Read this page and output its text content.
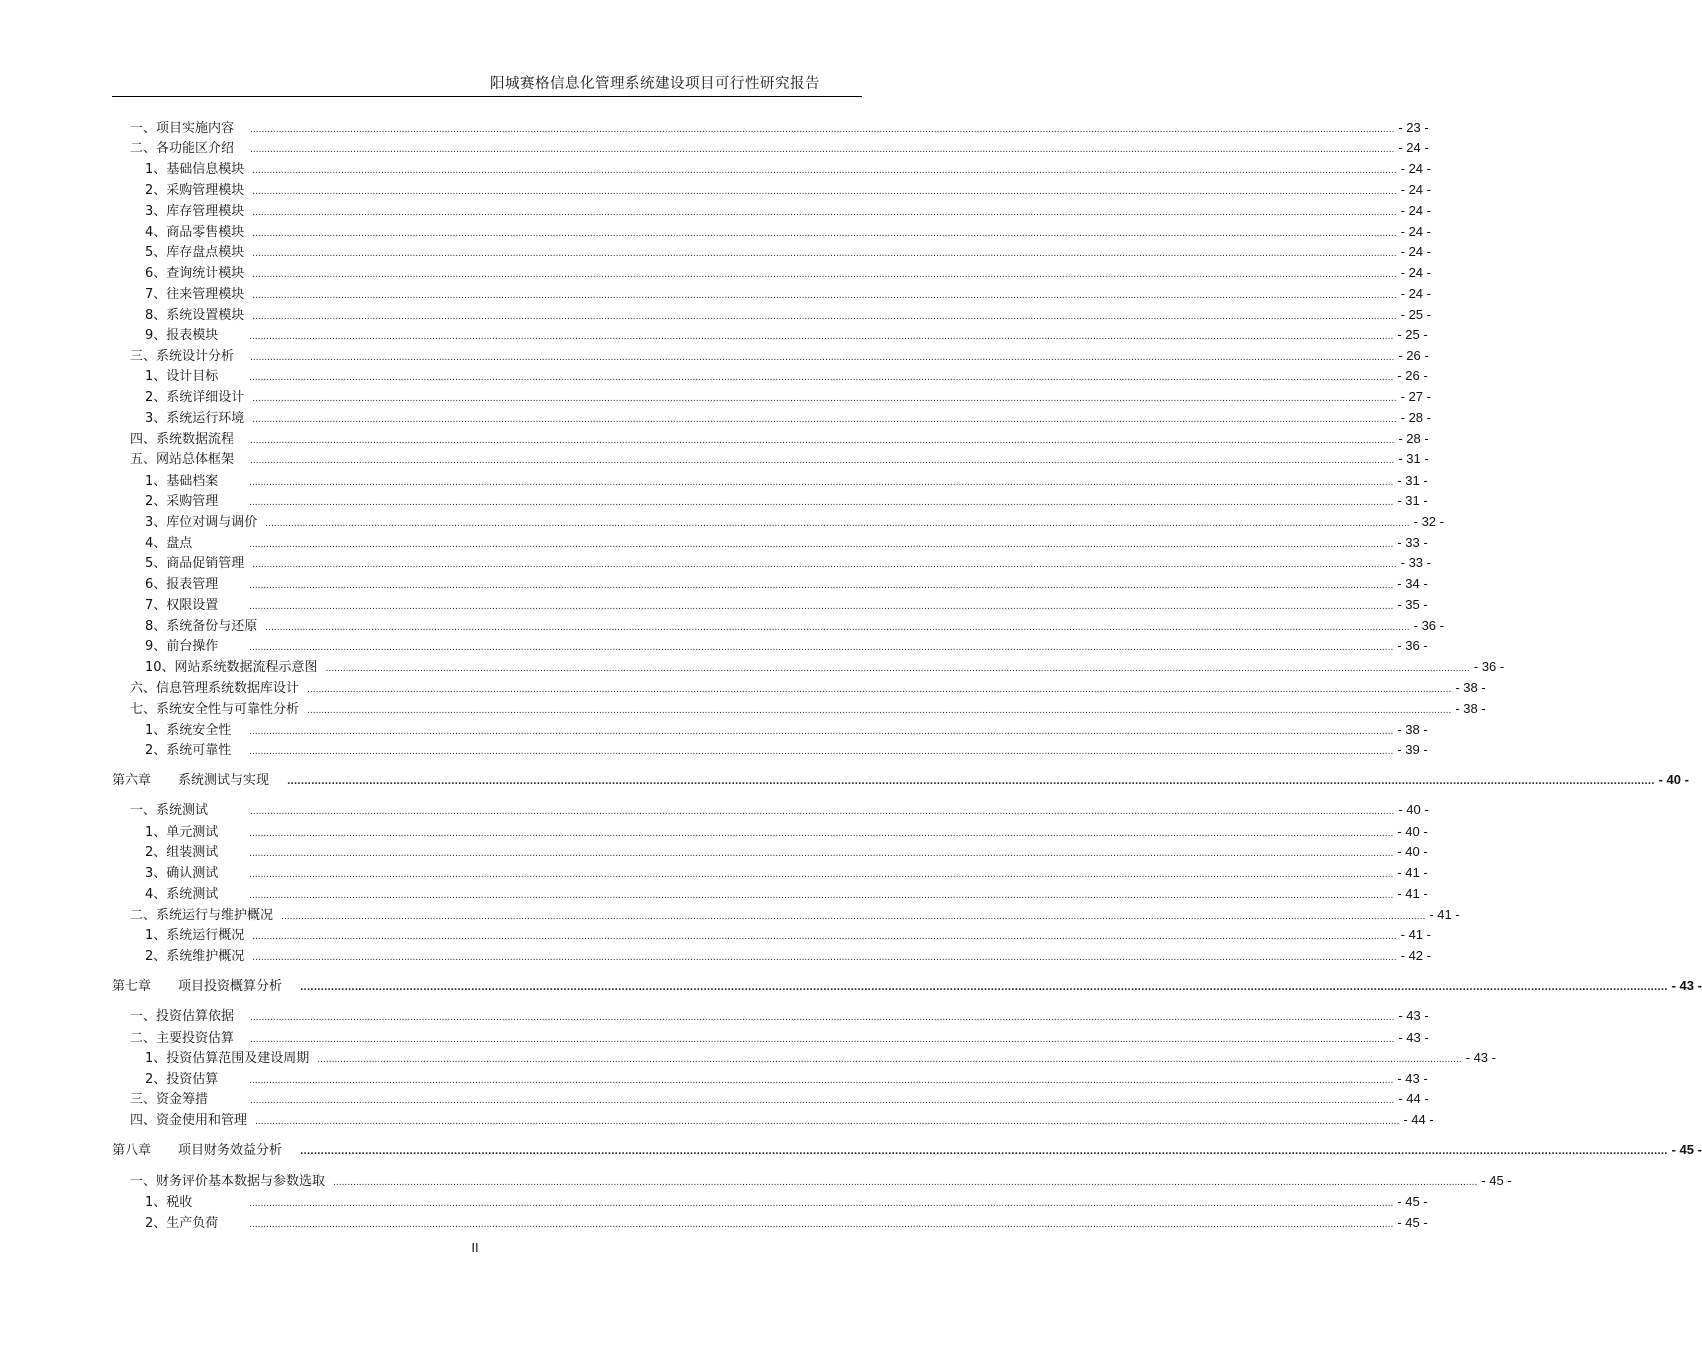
阳城赛格信息化管理系统建设项目可行性研究报告
一、项目实施内容	................................................................................................................................................................................................................................................................................................................................................................................................................ - 23 -
二、各功能区介绍	................................................................................................................................................................................................................................................................................................................................................................................................................ - 24 -
1、基础信息模块 ................................................................................................................................................................................................................................................................................................................................................................................................................ - 24 -
2、采购管理模块 ................................................................................................................................................................................................................................................................................................................................................................................................................ - 24 -
3、库存管理模块 ................................................................................................................................................................................................................................................................................................................................................................................................................ - 24 -
4、商品零售模块 ................................................................................................................................................................................................................................................................................................................................................................................................................ - 24 -
5、库存盘点模块 ................................................................................................................................................................................................................................................................................................................................................................................................................ - 24 -
6、查询统计模块 ................................................................................................................................................................................................................................................................................................................................................................................................................ - 24 -
7、往来管理模块 ................................................................................................................................................................................................................................................................................................................................................................................................................ - 24 -
8、系统设置模块 ................................................................................................................................................................................................................................................................................................................................................................................................................ - 25 -
9、报表模块	................................................................................................................................................................................................................................................................................................................................................................................................................ - 25 -
三、系统设计分析	................................................................................................................................................................................................................................................................................................................................................................................................................ - 26 -
1、设计目标	................................................................................................................................................................................................................................................................................................................................................................................................................ - 26 -
2、系统详细设计 ................................................................................................................................................................................................................................................................................................................................................................................................................ - 27 -
3、系统运行环境 ................................................................................................................................................................................................................................................................................................................................................................................................................ - 28 -
四、系统数据流程	................................................................................................................................................................................................................................................................................................................................................................................................................ - 28 -
五、网站总体框架	................................................................................................................................................................................................................................................................................................................................................................................................................ - 31 -
1、基础档案	................................................................................................................................................................................................................................................................................................................................................................................................................ - 31 -
2、采购管理	................................................................................................................................................................................................................................................................................................................................................................................................................ - 31 -
3、库位对调与调价 ................................................................................................................................................................................................................................................................................................................................................................................................................ - 32 -
4、盘点	................................................................................................................................................................................................................................................................................................................................................................................................................ - 33 -
5、商品促销管理 ................................................................................................................................................................................................................................................................................................................................................................................................................ - 33 -
6、报表管理	................................................................................................................................................................................................................................................................................................................................................................................................................ - 34 -
7、权限设置	................................................................................................................................................................................................................................................................................................................................................................................................................ - 35 -
8、系统备份与还原 ................................................................................................................................................................................................................................................................................................................................................................................................................ - 36 -
9、前台操作	................................................................................................................................................................................................................................................................................................................................................................................................................ - 36 -
10、网站系统数据流程示意图 ................................................................................................................................................................................................................................................................................................................................................................................................................ - 36 -
六、信息管理系统数据库设计 ................................................................................................................................................................................................................................................................................................................................................................................................................ - 38 -
七、系统安全性与可靠性分析 ................................................................................................................................................................................................................................................................................................................................................................................................................ - 38 -
1、系统安全性	................................................................................................................................................................................................................................................................................................................................................................................................................ - 38 -
2、系统可靠性	................................................................................................................................................................................................................................................................................................................................................................................................................ - 39 -
第六章 系统测试与实现 ................................................................................................................................................................................................................................................................................................................................................................................................................ - 40 -
一、系统测试	................................................................................................................................................................................................................................................................................................................................................................................................................ - 40 -
1、单元测试	................................................................................................................................................................................................................................................................................................................................................................................................................ - 40 -
2、组装测试	................................................................................................................................................................................................................................................................................................................................................................................................................ - 40 -
3、确认测试	................................................................................................................................................................................................................................................................................................................................................................................................................ - 41 -
4、系统测试	................................................................................................................................................................................................................................................................................................................................................................................................................ - 41 -
二、系统运行与维护概况 ................................................................................................................................................................................................................................................................................................................................................................................................................ - 41 -
1、系统运行概况 ................................................................................................................................................................................................................................................................................................................................................................................................................ - 41 -
2、系统维护概况 ................................................................................................................................................................................................................................................................................................................................................................................................................ - 42 -
第七章 项目投资概算分析 ................................................................................................................................................................................................................................................................................................................................................................................................................ - 43 -
一、投资估算依据	................................................................................................................................................................................................................................................................................................................................................................................................................ - 43 -
二、主要投资估算	................................................................................................................................................................................................................................................................................................................................................................................................................ - 43 -
1、投资估算范围及建设周期 ................................................................................................................................................................................................................................................................................................................................................................................................................ - 43 -
2、投资估算	................................................................................................................................................................................................................................................................................................................................................................................................................ - 43 -
三、资金筹措	................................................................................................................................................................................................................................................................................................................................................................................................................ - 44 -
四、资金使用和管理 ................................................................................................................................................................................................................................................................................................................................................................................................................ - 44 -
第八章 项目财务效益分析 ................................................................................................................................................................................................................................................................................................................................................................................................................ - 45 -
一、财务评价基本数据与参数选取 ................................................................................................................................................................................................................................................................................................................................................................................................................ - 45 -
1、税收	................................................................................................................................................................................................................................................................................................................................................................................................................ - 45 -
2、生产负荷	................................................................................................................................................................................................................................................................................................................................................................................................................ - 45 -
II
